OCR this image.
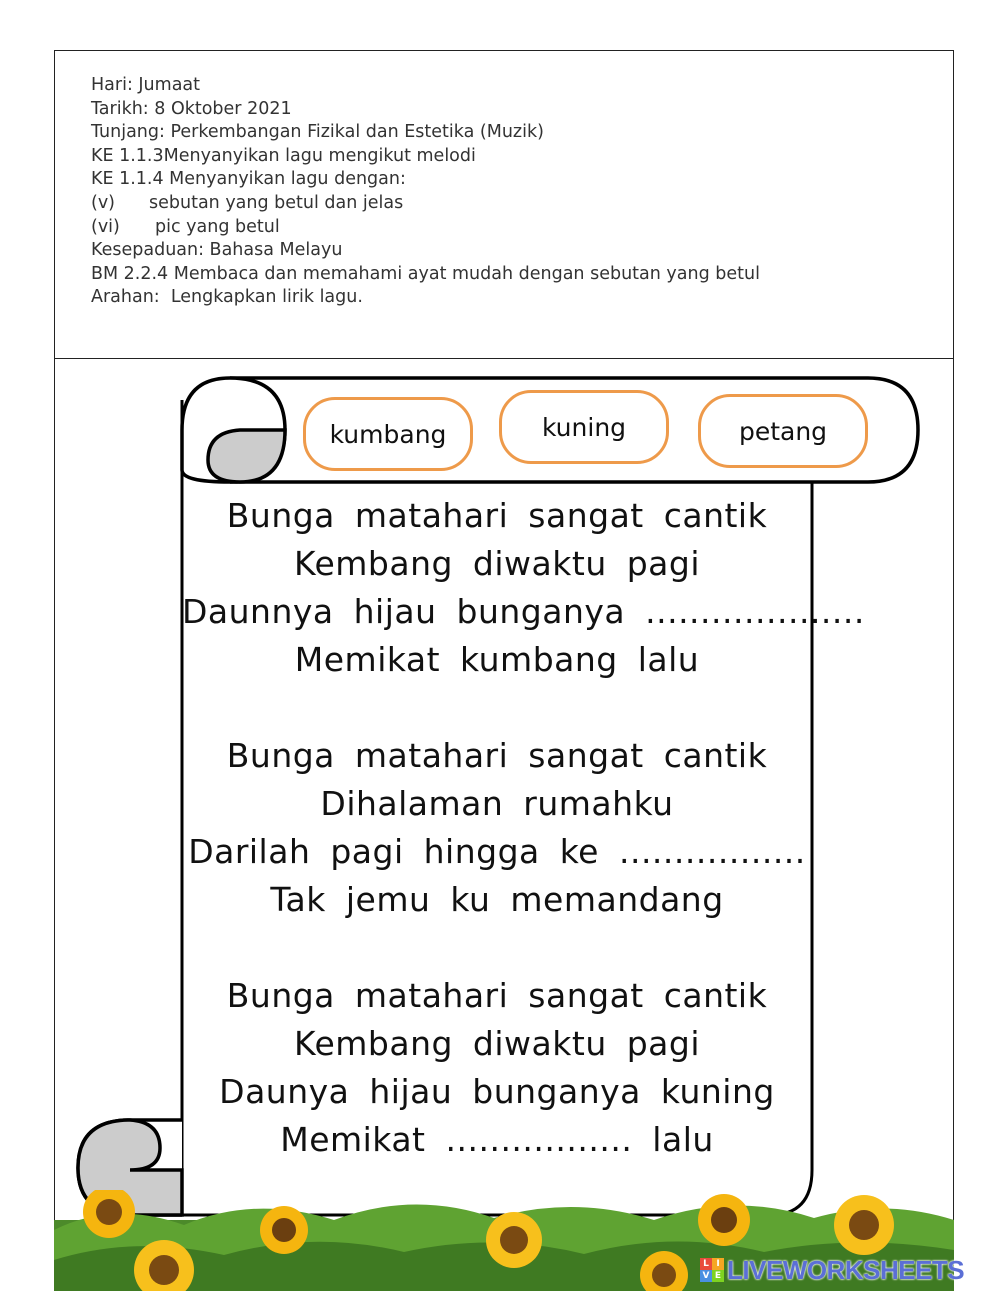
Hari: Jumaat
Tarikh: 8 Oktober 2021
Tunjang: Perkembangan Fizikal dan Estetika (Muzik)
KE 1.1.3Menyanyikan lagu mengikut melodi
KE 1.1.4 Menyanyikan lagu dengan:
(v) sebutan yang betul dan jelas
(vi) pic yang betul
Kesepaduan: Bahasa Melayu
BM 2.2.4 Membaca dan memahami ayat mudah dengan sebutan yang betul
Arahan:  Lengkapkan lirik lagu.
kumbang	kuning	petang
Bunga matahari sangat cantik
Kembang diwaktu pagi
Daunnya hijau bunganya ....................
Memikat kumbang lalu
Bunga matahari sangat cantik
Dihalaman rumahku
Darilah pagi hingga ke .................
Tak jemu ku memandang
Bunga matahari sangat cantik
Kembang diwaktu pagi
Daunya hijau bunganya kuning
Memikat ................. lalu
L I
V E LIVEWORKSHEETS
